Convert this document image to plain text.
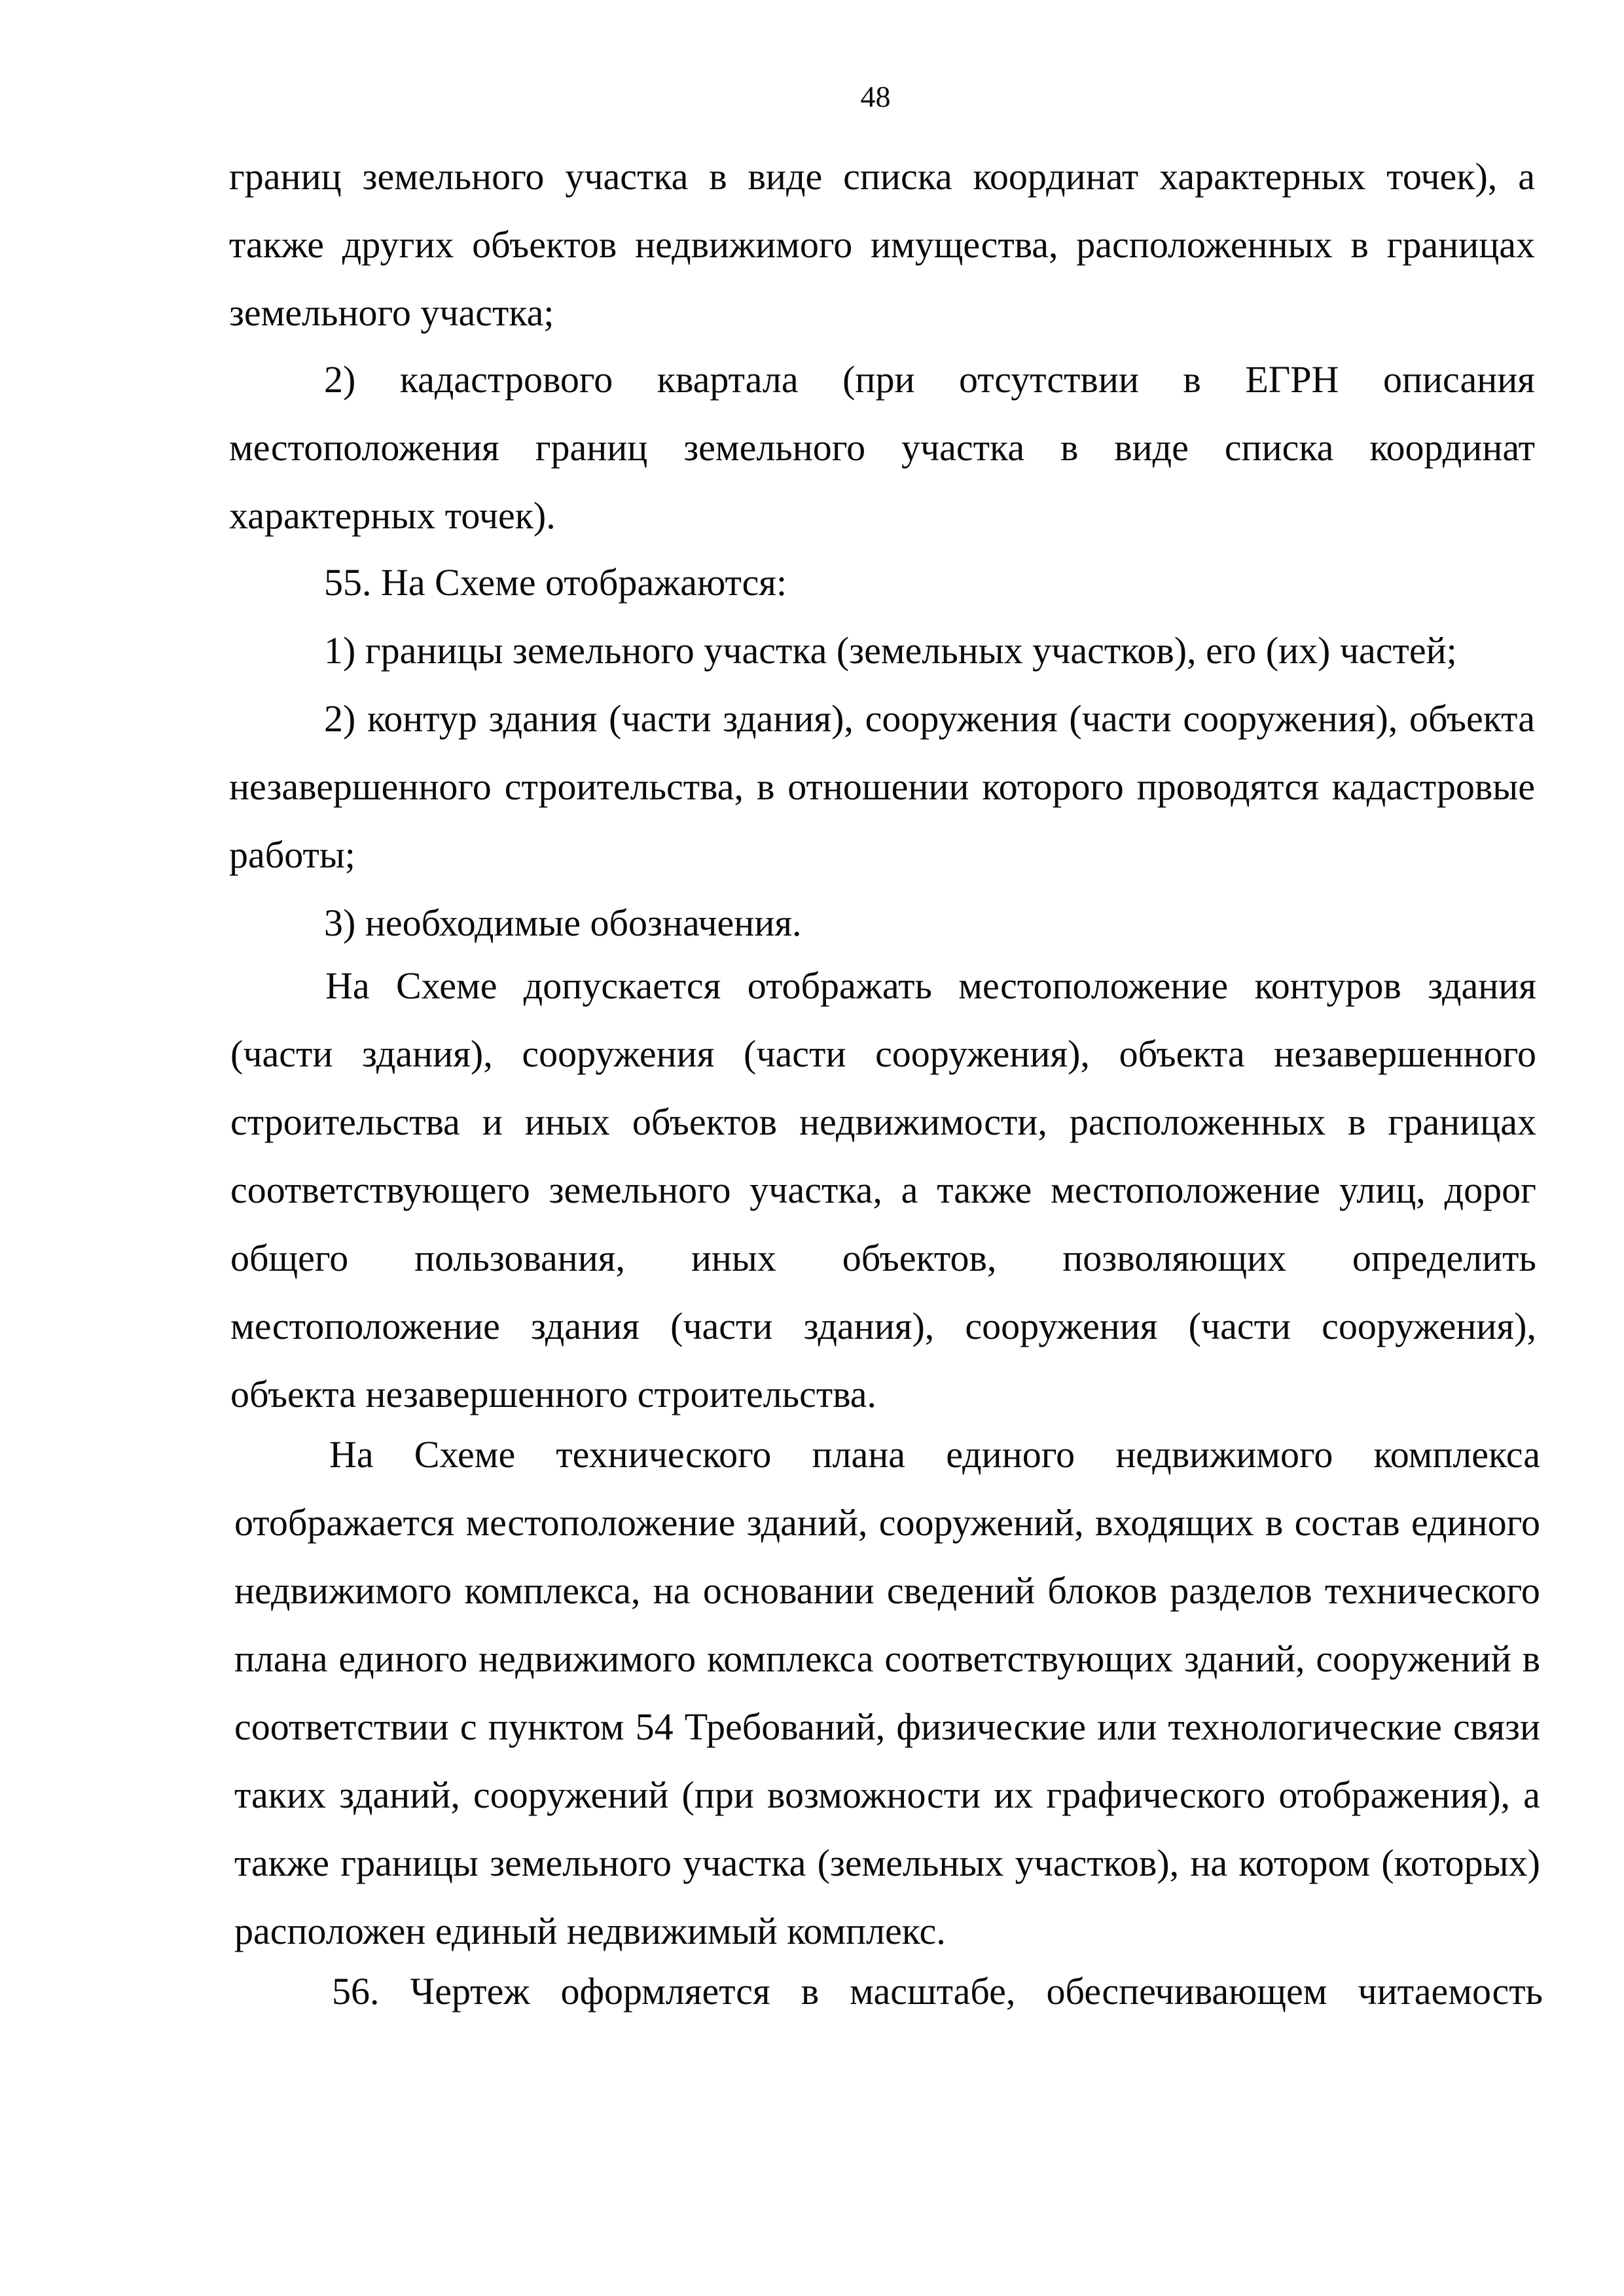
48
границ земельного участка в виде списка координат характерных точек), а
также других объектов недвижимого имущества, расположенных в границах
земельного участка;
2) кадастрового квартала (при отсутствии в ЕГРН описания
местоположения границ земельного участка в виде списка координат
характерных точек).
55. На Схеме отображаются:
1) границы земельного участка (земельных участков), его (их) частей;
2) контур здания (части здания), сооружения (части сооружения), объекта
незавершенного строительства, в отношении которого проводятся кадастровые
работы;
3) необходимые обозначения.
На Схеме допускается отображать местоположение контуров здания
(части здания), сооружения (части сооружения), объекта незавершенного
строительства и иных объектов недвижимости, расположенных в границах
соответствующего земельного участка, а также местоположение улиц, дорог
общего пользования, иных объектов, позволяющих определить
местоположение здания (части здания), сооружения (части сооружения),
объекта незавершенного строительства.
На Схеме технического плана единого недвижимого комплекса
отображается местоположение зданий, сооружений, входящих в состав единого
недвижимого комплекса, на основании сведений блоков разделов технического
плана единого недвижимого комплекса соответствующих зданий, сооружений в
соответствии с пунктом 54 Требований, физические или технологические связи
таких зданий, сооружений (при возможности их графического отображения), а
также границы земельного участка (земельных участков), на котором (которых)
расположен единый недвижимый комплекс.
56. Чертеж оформляется в масштабе, обеспечивающем читаемость
